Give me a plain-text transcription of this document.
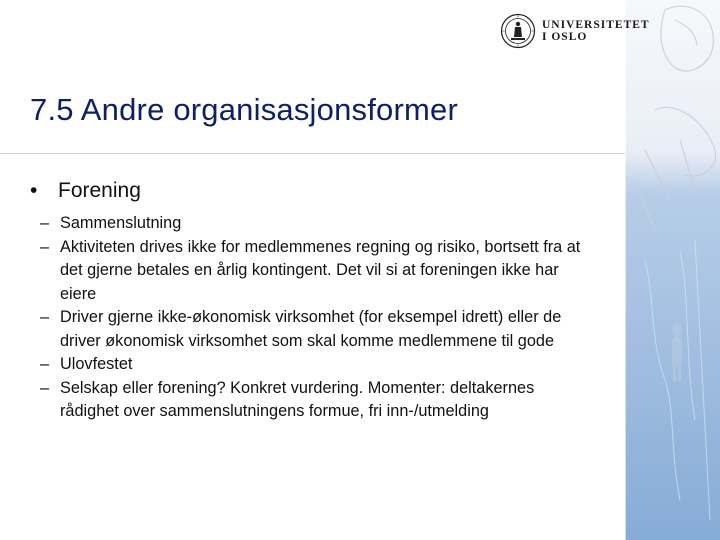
UNIVERSITETET
I OSLO
7.5 Andre organisasjonsformer
• Forening
– Sammenslutning
– Aktiviteten drives ikke for medlemmenes regning og risiko, bortsett fra at det gjerne betales en årlig kontingent. Det vil si at foreningen ikke har eiere
– Driver gjerne ikke-økonomisk virksomhet (for eksempel idrett) eller de driver økonomisk virksomhet som skal komme medlemmene til gode
– Ulovfestet
– Selskap eller forening? Konkret vurdering. Momenter: deltakernes rådighet over sammenslutningens formue, fri inn-/utmelding
